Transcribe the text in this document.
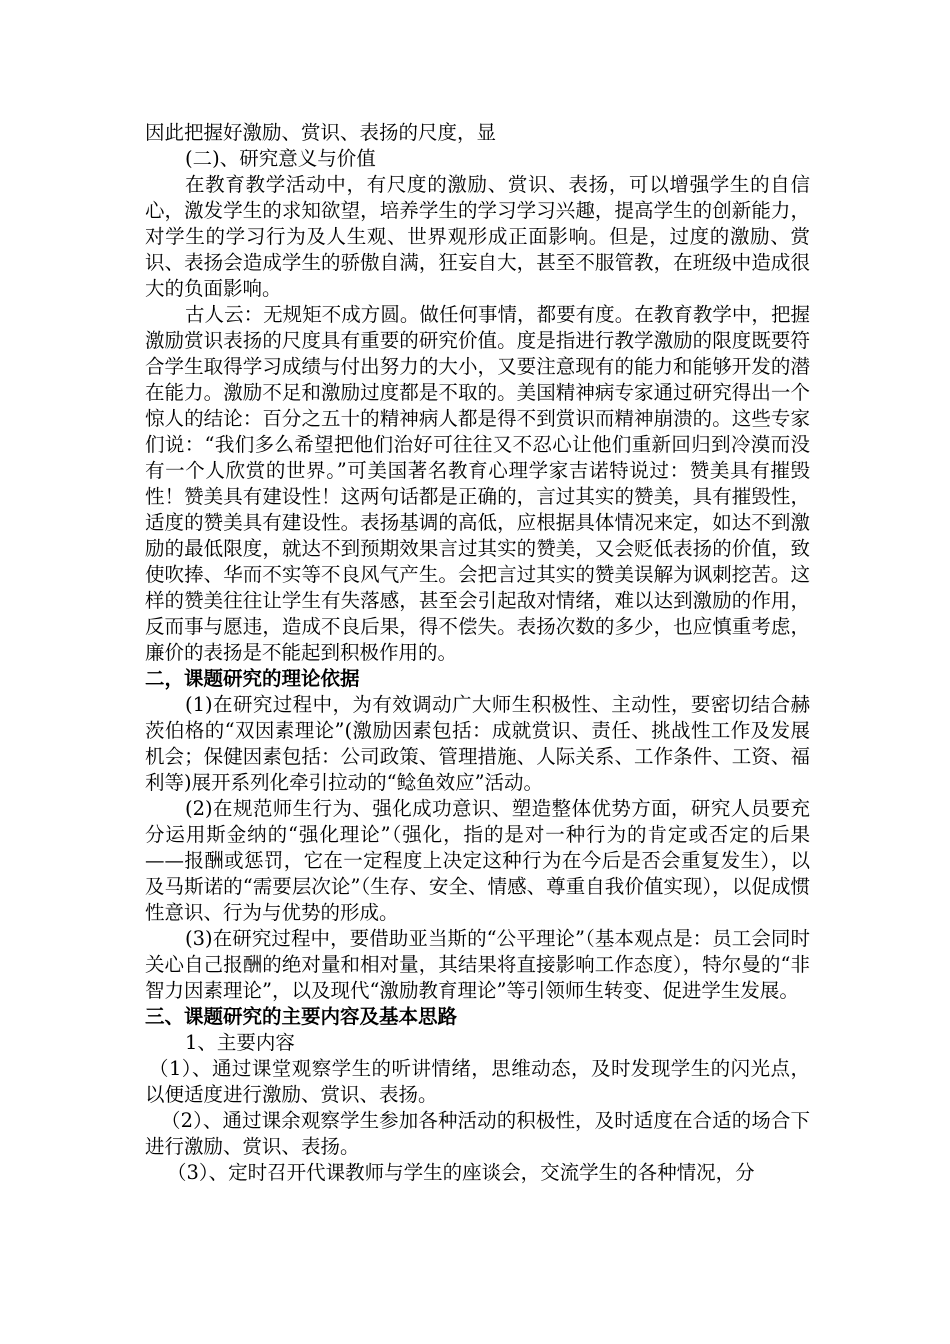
因此把握好激励、赏识、表扬的尺度，显

(二)、研究意义与价值

在教育教学活动中，有尺度的激励、赏识、表扬，可以增强学生的自信心，激发学生的求知欲望，培养学生的学习学习兴趣，提高学生的创新能力，对学生的学习行为及人生观、世界观形成正面影响。但是，过度的激励、赏识、表扬会造成学生的骄傲自满，狂妄自大，甚至不服管教，在班级中造成很大的负面影响。

古人云：无规矩不成方圆。做任何事情，都要有度。在教育教学中，把握激励赏识表扬的尺度具有重要的研究价值。度是指进行教学激励的限度既要符合学生取得学习成绩与付出努力的大小，又要注意现有的能力和能够开发的潜在能力。激励不足和激励过度都是不取的。美国精神病专家通过研究得出一个惊人的结论：百分之五十的精神病人都是得不到赏识而精神崩溃的。这些专家们说：“我们多么希望把他们治好可往往又不忍心让他们重新回归到冷漠而没有一个人欣赏的世界。”可美国著名教育心理学家吉诺特说过：赞美具有摧毁性！赞美具有建设性！这两句话都是正确的，言过其实的赞美，具有摧毁性，适度的赞美具有建设性。表扬基调的高低，应根据具体情况来定，如达不到激励的最低限度，就达不到预期效果言过其实的赞美，又会贬低表扬的价值，致使吹捧、华而不实等不良风气产生。会把言过其实的赞美误解为讽刺挖苦。这样的赞美往往让学生有失落感，甚至会引起敌对情绪，难以达到激励的作用，反而事与愿违，造成不良后果，得不偿失。表扬次数的多少，也应慎重考虑，廉价的表扬是不能起到积极作用的。

二，课题研究的理论依据

(1)在研究过程中，为有效调动广大师生积极性、主动性，要密切结合赫茨伯格的“双因素理论”(激励因素包括：成就赏识、责任、挑战性工作及发展机会；保健因素包括：公司政策、管理措施、人际关系、工作条件、工资、福利等)展开系列化牵引拉动的“鲶鱼效应”活动。

(2)在规范师生行为、强化成功意识、塑造整体优势方面，研究人员要充分运用斯金纳的“强化理论”（强化，指的是对一种行为的肯定或否定的后果——报酬或惩罚，它在一定程度上决定这种行为在今后是否会重复发生），以及马斯诺的“需要层次论”（生存、安全、情感、尊重自我价值实现），以促成惯性意识、行为与优势的形成。

(3)在研究过程中，要借助亚当斯的“公平理论”（基本观点是：员工会同时关心自己报酬的绝对量和相对量，其结果将直接影响工作态度），特尔曼的“非智力因素理论”，以及现代“激励教育理论”等引领师生转变、促进学生发展。

三、课题研究的主要内容及基本思路

1、主要内容

（1）、通过课堂观察学生的听讲情绪，思维动态，及时发现学生的闪光点，以便适度进行激励、赏识、表扬。

（2）、通过课余观察学生参加各种活动的积极性，及时适度在合适的场合下进行激励、赏识、表扬。

（3）、定时召开代课教师与学生的座谈会，交流学生的各种情况，分
